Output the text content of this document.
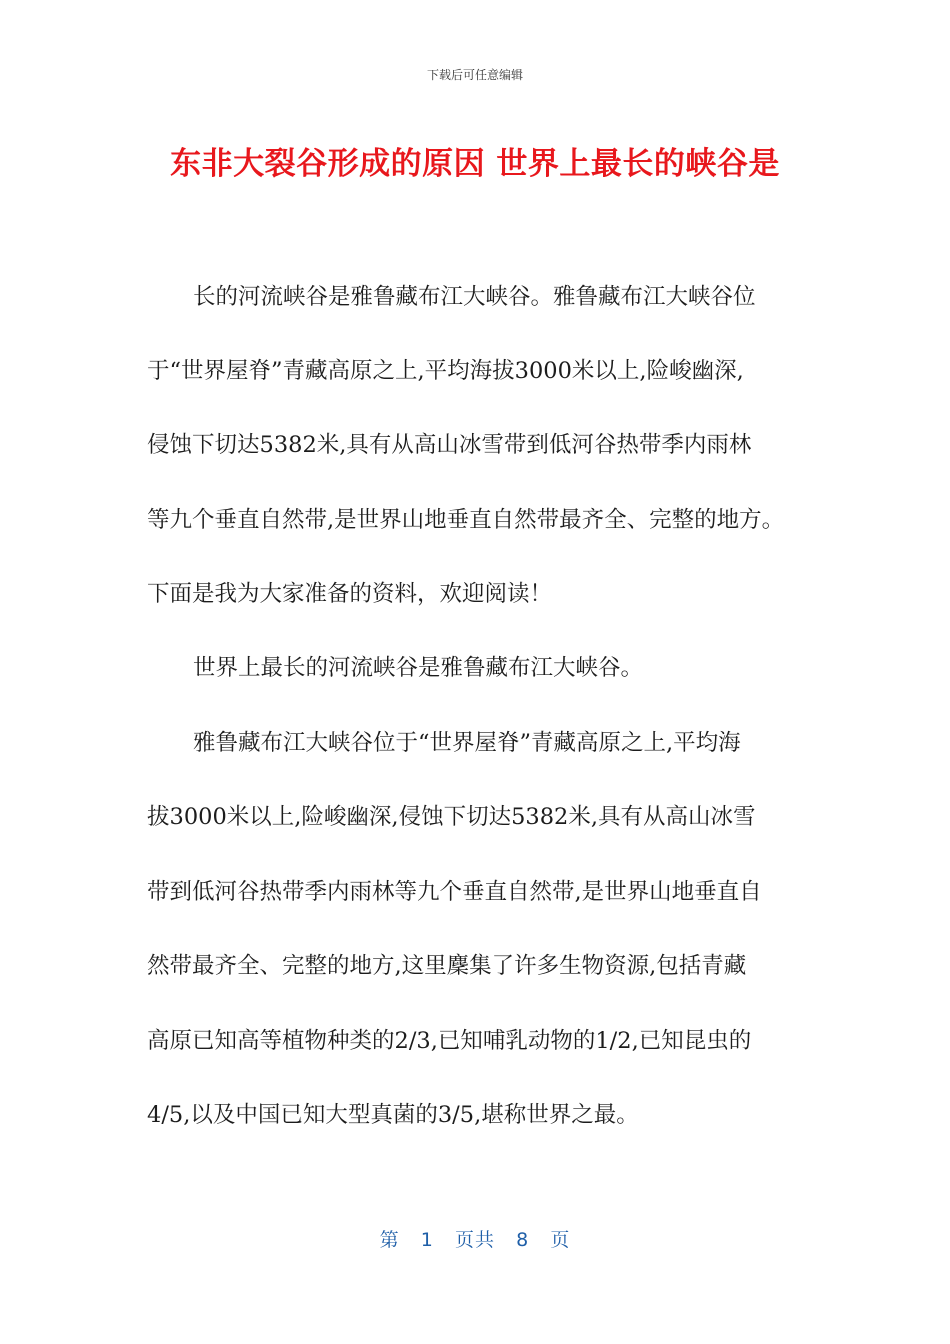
下载后可任意编辑
东非大裂谷形成的原因 世界上最长的峡谷是
长的河流峡谷是雅鲁藏布江大峡谷。雅鲁藏布江大峡谷位
于“世界屋脊”青藏高原之上,平均海拔3000米以上,险峻幽深,
侵蚀下切达5382米,具有从高山冰雪带到低河谷热带季内雨林
等九个垂直自然带,是世界山地垂直自然带最齐全、完整的地方。
下面是我为大家准备的资料，欢迎阅读！
世界上最长的河流峡谷是雅鲁藏布江大峡谷。
雅鲁藏布江大峡谷位于“世界屋脊”青藏高原之上,平均海
拔3000米以上,险峻幽深,侵蚀下切达5382米,具有从高山冰雪
带到低河谷热带季内雨林等九个垂直自然带,是世界山地垂直自
然带最齐全、完整的地方,这里麇集了许多生物资源,包括青藏
高原已知高等植物种类的2/3,已知哺乳动物的1/2,已知昆虫的
4/5,以及中国已知大型真菌的3/5,堪称世界之最。
第 1 页共 8 页
